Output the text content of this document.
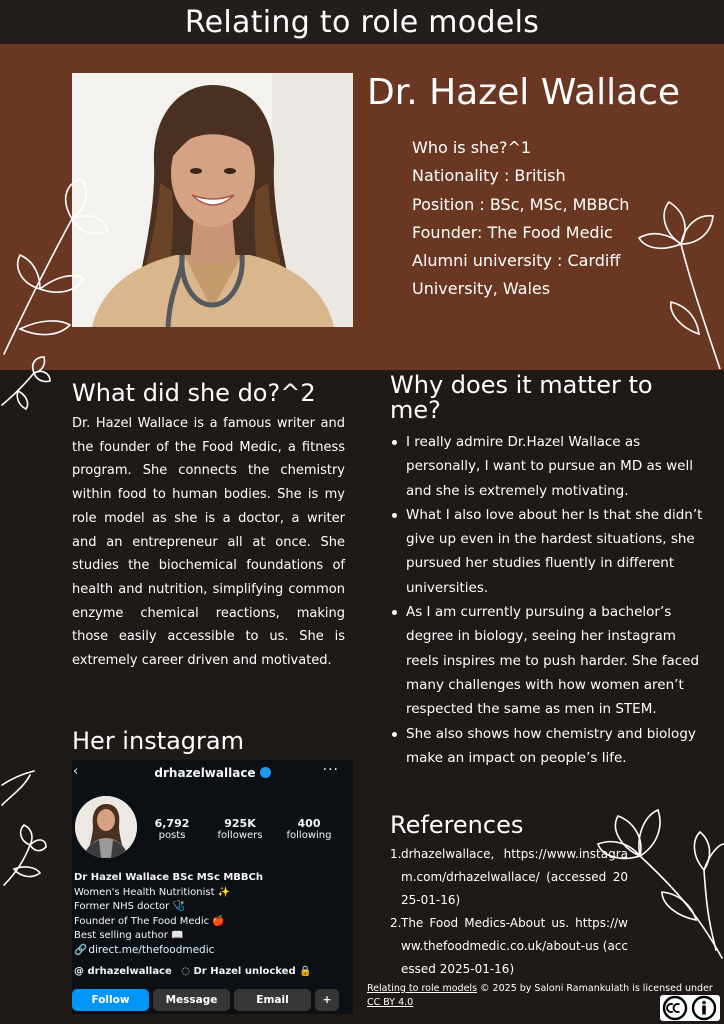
Relating to role models
Dr. Hazel Wallace
Who is she?^1
Nationality : British
Position : BSc, MSc, MBBCh
Founder: The Food Medic
Alumni university : Cardiff University, Wales
What did she do?^2

Dr. Hazel Wallace is a famous writer and the founder of the Food Medic, a fitness program. She connects the chemistry within food to human bodies. She is my role model as she is a doctor, a writer and an entrepreneur all at once. She studies the biochemical foundations of health and nutrition, simplifying common enzyme chemical reactions, making those easily accessible to us. She is extremely career driven and motivated.

Why does it matter to me?
I really admire Dr.Hazel Wallace as personally, I want to pursue an MD as well and she is extremely motivating.
What I also love about her Is that she didn’t give up even in the hardest situations, she pursued her studies fluently in different universities.
As I am currently pursuing a bachelor’s degree in biology, seeing her instagram reels inspires me to push harder. She faced many challenges with how women aren’t respected the same as men in STEM.
She also shows how chemistry and biology make an impact on people’s life.
Her instagram
‹	drhazelwallace	···
6,792
posts
925K
followers
400
following
Dr Hazel Wallace BSc MSc MBBCh
Women's Health Nutritionist ✨
Former NHS doctor 🩺
Founder of The Food Medic 🍎
Best selling author 📖
🔗 direct.me/thefoodmedic
@ drhazelwallace ◌ Dr Hazel unlocked 🔒
Follow	Message	Email	+
References
1. drhazelwallace, https://www.instagram.com/drhazelwallace/ (accessed 2025-01-16)
2. The Food Medics-About us. https://www.thefoodmedic.co.uk/about-us (accessed 2025-01-16)
Relating to role models © 2025 by Saloni Ramankulath is licensed under
CC BY 4.0
